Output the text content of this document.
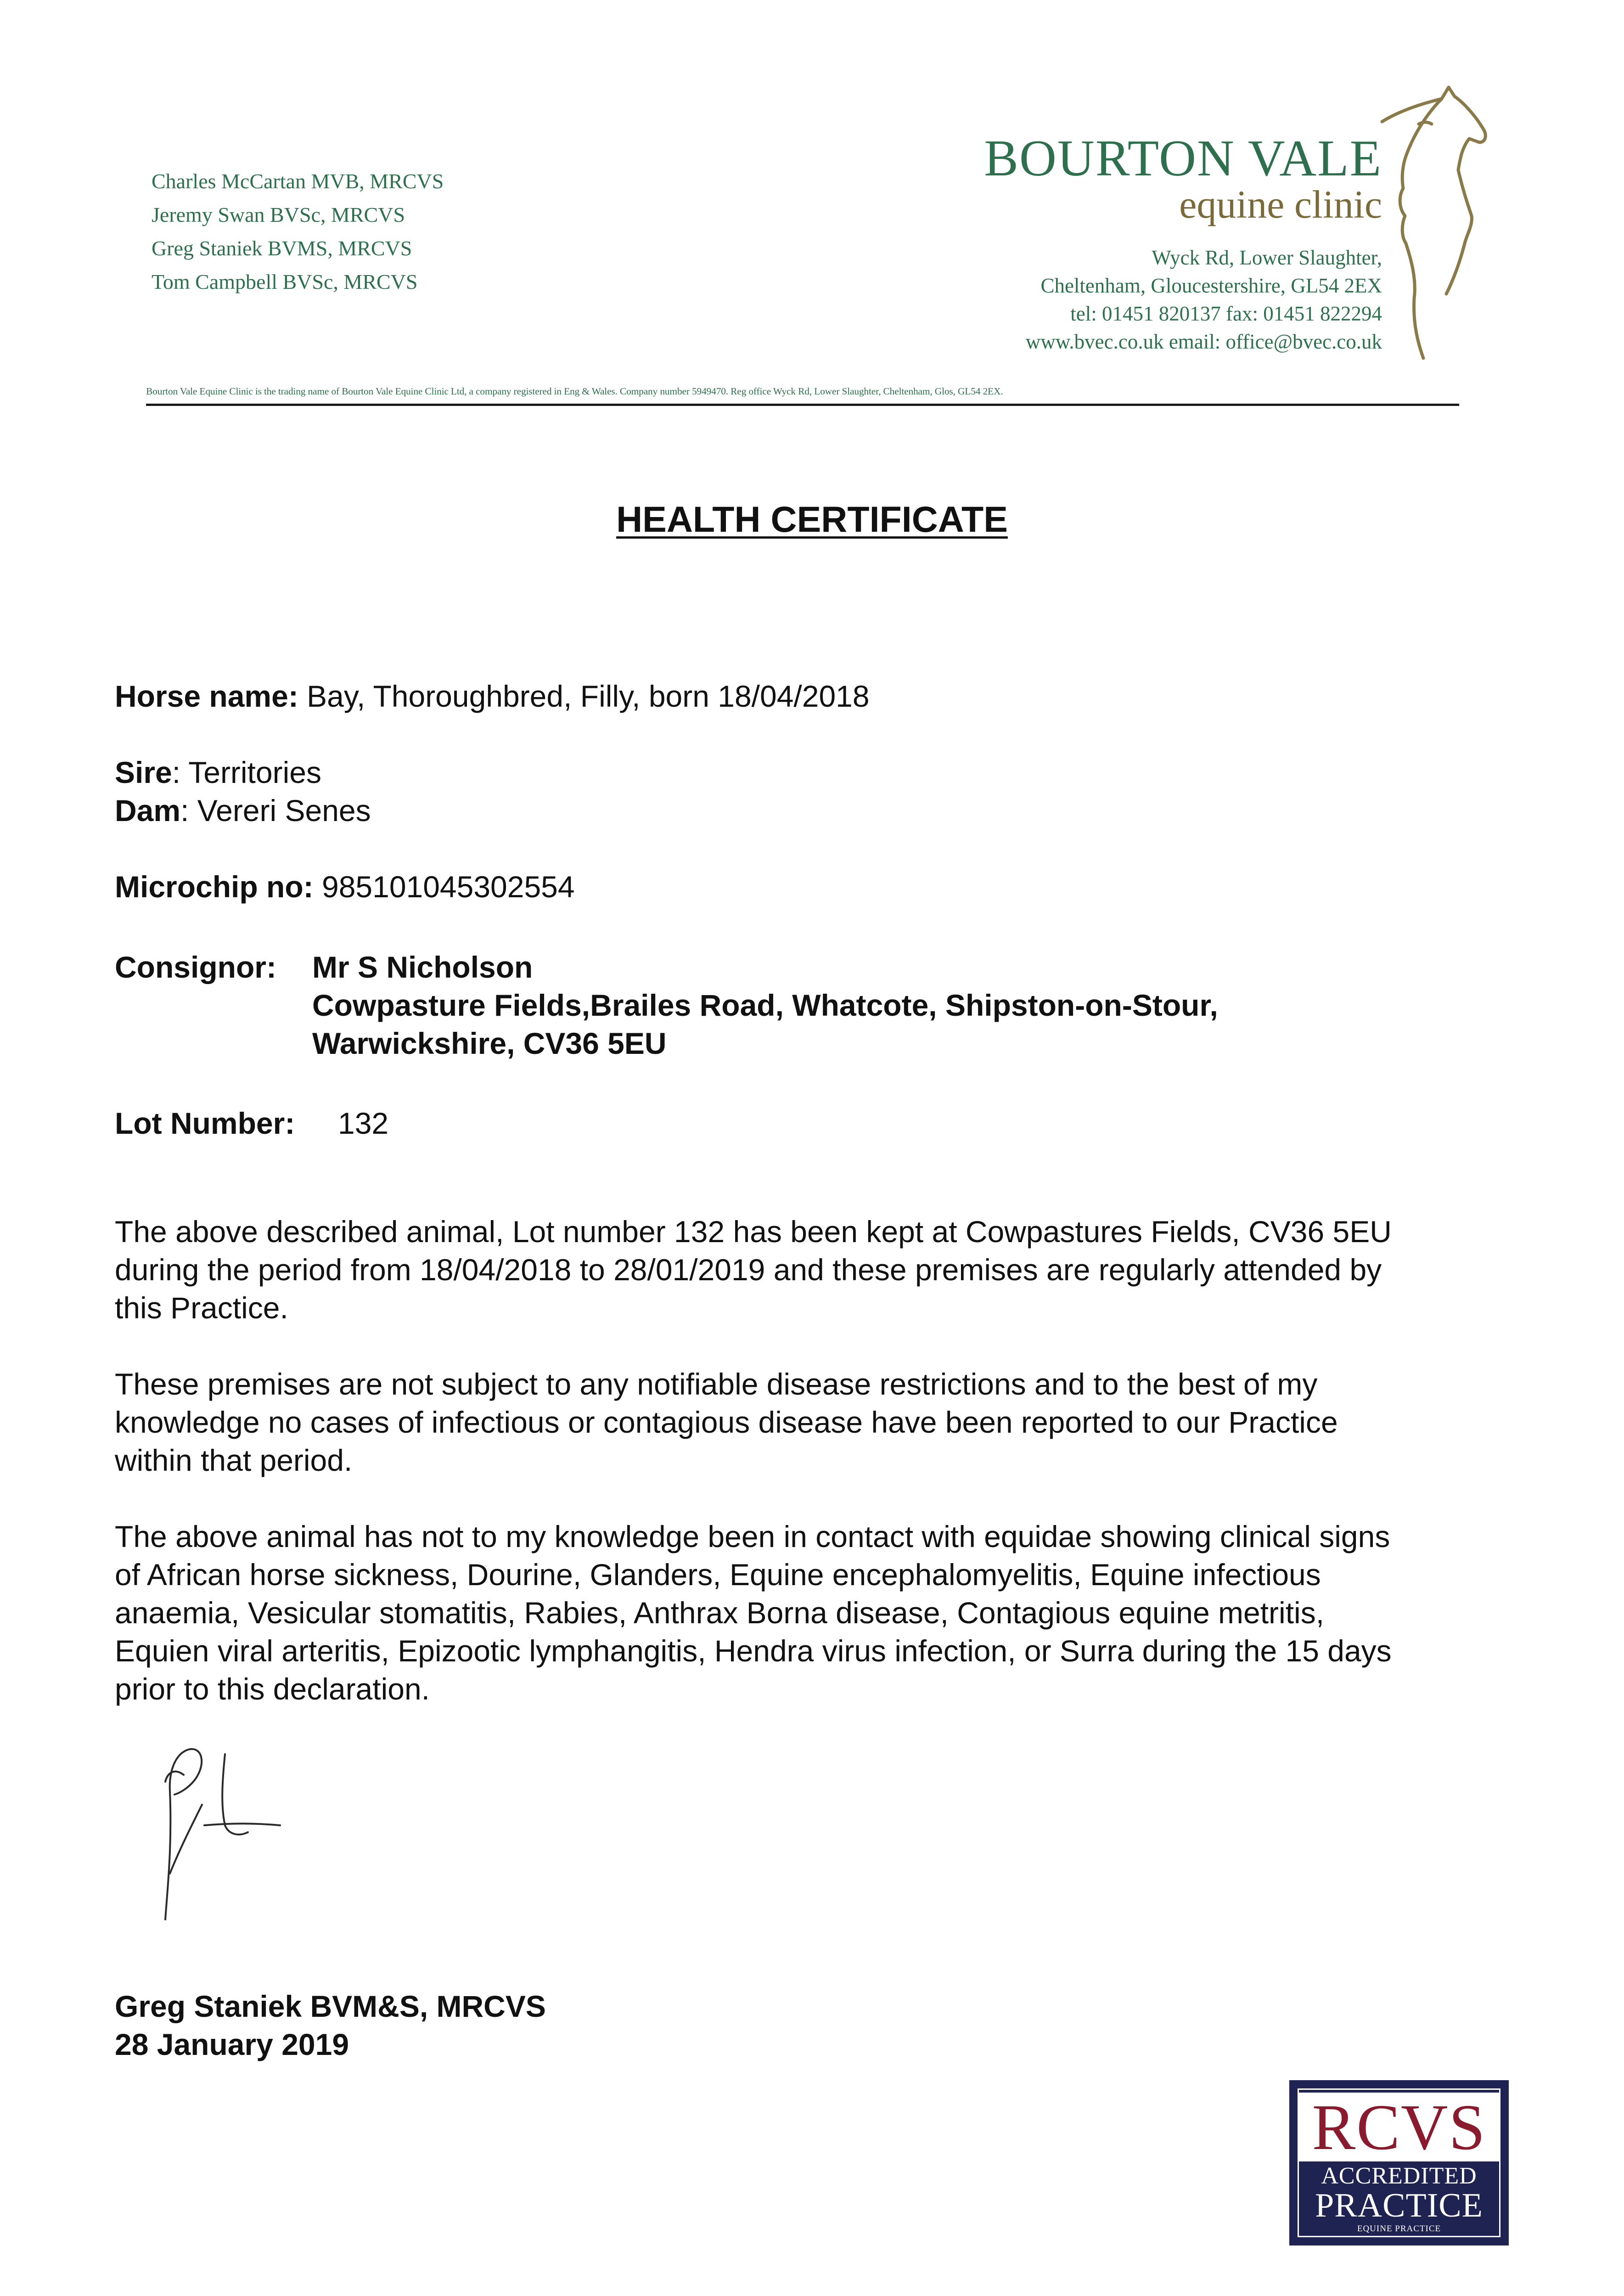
Charles McCartan MVB, MRCVS
Jeremy Swan BVSc, MRCVS
Greg Staniek BVMS, MRCVS
Tom Campbell BVSc, MRCVS
BOURTON VALE
equine clinic
Wyck Rd, Lower Slaughter,
Cheltenham, Gloucestershire, GL54 2EX
tel: 01451 820137 fax: 01451 822294
www.bvec.co.uk email: office@bvec.co.uk
Bourton Vale Equine Clinic is the trading name of Bourton Vale Equine Clinic Ltd, a company registered in Eng & Wales. Company number 5949470. Reg office Wyck Rd, Lower Slaughter, Cheltenham, Glos, GL54 2EX.
HEALTH CERTIFICATE
Horse name: Bay, Thoroughbred, Filly, born 18/04/2018
Sire: Territories
Dam: Vereri Senes
Microchip no: 985101045302554
Consignor: Mr S Nicholson
Cowpasture Fields,Brailes Road, Whatcote, Shipston-on-Stour,
Warwickshire, CV36 5EU
Lot Number: 132
The above described animal, Lot number 132 has been kept at Cowpastures Fields, CV36 5EU
during the period from 18/04/2018 to 28/01/2019 and these premises are regularly attended by
this Practice.
These premises are not subject to any notifiable disease restrictions and to the best of my
knowledge no cases of infectious or contagious disease have been reported to our Practice
within that period.
The above animal has not to my knowledge been in contact with equidae showing clinical signs
of African horse sickness, Dourine, Glanders, Equine encephalomyelitis, Equine infectious
anaemia, Vesicular stomatitis, Rabies, Anthrax Borna disease, Contagious equine metritis,
Equien viral arteritis, Epizootic lymphangitis, Hendra virus infection, or Surra during the 15 days
prior to this declaration.
Greg Staniek BVM&S, MRCVS
28 January 2019
RCVS
ACCREDITED
PRACTICE
EQUINE PRACTICE
